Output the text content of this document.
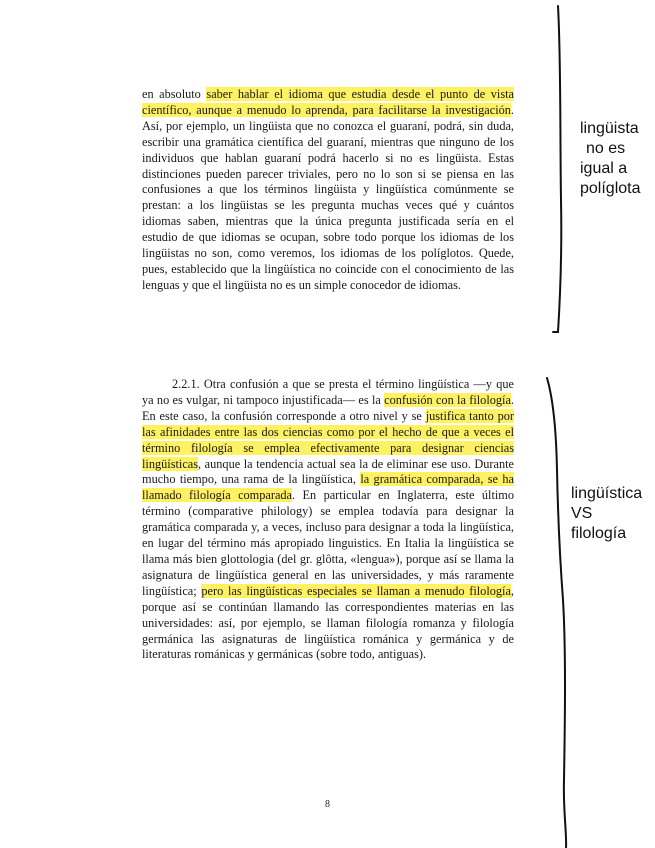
en absoluto saber hablar el idioma que estudia desde el punto de vista científico, aunque a menudo lo aprenda, para facilitarse la investigación. Así, por ejemplo, un lingüista que no conozca el guaraní, podrá, sin duda, escribir una gramática científica del guaraní, mientras que ninguno de los individuos que hablan guaraní podrá hacerlo si no es lingüista. Estas distinciones pueden parecer triviales, pero no lo son si se piensa en las confusiones a que los términos lingüista y lingüística comúnmente se prestan: a los lingüistas se les pregunta muchas veces qué y cuántos idiomas saben, mientras que la única pregunta justificada sería en el estudio de que idiomas se ocupan, sobre todo porque los idiomas de los lingüistas no son, como veremos, los idiomas de los políglotos. Quede, pues, establecido que la lingüística no coincide con el conocimiento de las lenguas y que el lingüista no es un simple conocedor de idiomas.

2.2.1. Otra confusión a que se presta el término lingüística —y que ya no es vulgar, ni tampoco injustificada— es la confusión con la filología. En este caso, la confusión corresponde a otro nivel y se justifica tanto por las afinidades entre las dos ciencias como por el hecho de que a veces el término filología se emplea efectivamente para designar ciencias lingüísticas, aunque la tendencia actual sea la de eliminar ese uso. Durante mucho tiempo, una rama de la lingüística, la gramática comparada, se ha llamado filología comparada. En particular en Inglaterra, este último término (comparative philology) se emplea todavía para designar la gramática comparada y, a veces, incluso para designar a toda la lingüística, en lugar del término más apropiado linguistics. En Italia la lingüística se llama más bien glottologia (del gr. glôtta, «lengua»), porque así se llama la asignatura de lingüística general en las universidades, y más raramente lingüística; pero las lingüísticas especiales se llaman a menudo filología, porque así se continúan llamando las correspondientes materias en las universidades: así, por ejemplo, se llaman filología romanza y filología germánica las asignaturas de lingüística románica y germánica y de literaturas románicas y germánicas (sobre todo, antiguas).

8
lingüista
no es
igual a
políglota
lingüística
VS
filología
